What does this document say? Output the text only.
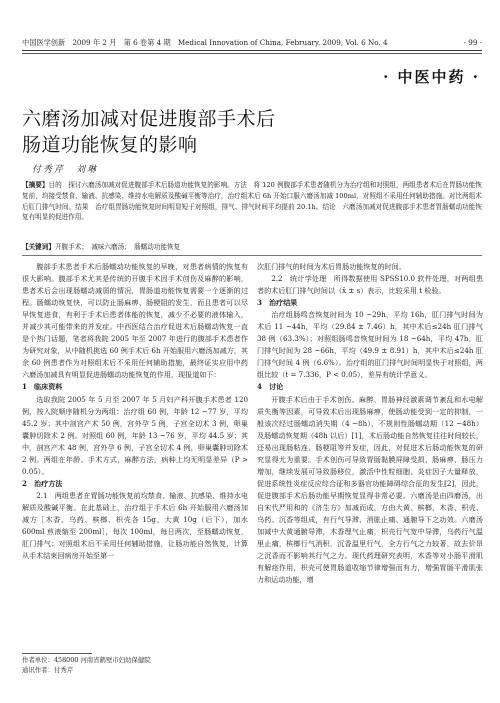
中国医学创新　2009 年 2 月　第 6 卷第 4 期　Medical Innovation of China, February. 2009, Vol. 6 No. 4	· 99 ·
· 中医中药 ·
六磨汤加减对促进腹部手术后
肠道功能恢复的影响
付秀芹　刘琳
【摘要】目的　探讨六磨汤加减对促进腹部手术后肠道功能恢复的影响。方法　将 120 例腹部手术患者随机分为治疗组和对照组，两组患者术后在胃肠功能恢复前，均接受禁食、输液、抗感染、维持水电解质及酸碱平衡等治疗，治疗组术后 6h 开始口服六磨汤加减 100ml，对照组不采用任何辅助措施。对比两组术后肛门排气时间。结果　治疗组胃肠功能恢复时间明显短于对照组，排气、排气时间平均提前 20.1h。结论　六磨汤加减对促进腹部手术患者胃肠蠕动功能恢复有明显的促进作用。
【关键词】开腹手术；　减味六磨汤；　肠蠕动功能恢复

腹部手术患者手术后肠蠕动功能恢复的早晚，对患者病情的恢复有很大影响。腹部手术尤其是传统的开腹手术因手术创伤及麻醉的影响，患者术后会出现肠蠕动减弱的情况，胃肠道功能恢复需要一个逐渐的过程。肠蠕动恢复快，可以防止肠麻痹、肠梗阻的发生，而且患者可以尽早恢复进食，有利于手术后患者体能的恢复，减少不必要的液体输入，并减少其可能带来的并发症。中西医结合治疗促进术后肠蠕动恢复一直是个热门话题，笔者将我院 2005 年至 2007 年进行的腹部手术患者作为研究对象，从中随机挑选 60 例手术后 6h 开始服用六磨汤加减方，其余 60 例患者作为对照组术后不采用任何辅助措施，最终证实应用中药六磨汤加减具有明显促进肠蠕动功能恢复的作用，现报道如下：

1　临床资料

选取我院 2005 年 5 月至 2007 年 5 月妇产科开腹手术患者 120 例，按入院顺序随机分为两组：治疗组 60 例，年龄 12 ~77 岁，平均 45.2 岁；其中剖宫产术 50 例，宫外孕 5 例，子宫全切术 3 例，卵巢囊肿切除术 2 例。对照组 60 例，年龄 13 ~76 岁，平均 44.5 岁；其中，剖宫产术 48 例，宫外孕 6 例，子宫全切术 4 例，卵巢囊肿切除术 2 例。两组在年龄、手术方式，麻醉方法，病种上均无明显差异（P > 0.05）。

2　治疗方法

2.1　两组患者在胃肠功能恢复前均禁食、输液、抗感染、维持水电解质及酸碱平衡。在此基础上，治疗组于手术后 6h 开始服用六磨汤加减方［木香、乌药、槟榔、枳壳各 15g，大黄 10g（后下），加水 600ml 煎液缩至 200ml］，每次 100ml，每日两次，至肠蠕动恢复，肛门排气；对照组术后不采用任何辅助措施，让肠功能自然恢复，计算从手术结束回病房开始至第一

作者单位：458000 河南省鹤壁市妇幼保健院
通讯作者：付秀芹

次肛门排气的时间为术后胃肠功能恢复的时间。

2.2　统计学处理　所得数据使用 SPSS10.0 软件处理，对两组患者的术后肛门排气时间以（x̄ ± s）表示，比较采用 t 检验。

3　治疗结果

治疗组肠鸣音恢复时间为 10 ~29h，平均 16h，肛门排气时间为术后 11 ~44h，平均（29.84 ± 7.46）h，其中术后≤24h 肛门排气 38 例（63.3%）；对照组肠鸣音恢复时间为 18 ~64h，平均 47h，肛门排气时间为 28 ~66h，平均（49.9 ± 8.91）h，其中术后≤24h 肛门排气时间 4 例（6.6%）。治疗组的肛门排气时间明显快于对照组，两组比较（t = 7.336，P < 0.05），差异有统计学意义。

4　讨论

开腹手术后由于手术创伤、麻醉、胃肠神经激素调节紊乱和水电解质失衡等因素，可导致术后出现肠麻痹，使肠动能受到一定的抑制，一般该次经过肠蠕动消失期（4 ~8h），不规则性肠蠕动期（12 ~48h）及肠蠕动恢复期（48h 以后）[1]，术后肠动能自然恢复往往时间较长，还易出现肠粘连、肠梗阻等并发症，因此，对促进术后肠动能恢复的研究显得尤为重要。手术创伤可导致胃肠黏膜屏障受损、肠麻痹、肠压力增加，继续发展可导致肠移位，激活中性粒细胞、炎症因子大量释放，促进系统性炎症反应综合征和多器官功能障碍综合征的发生[2]，因此，促进腹部手术后肠功能早期恢复显得非常必要。六磨汤是由四磨汤，出自宋代严用和的《济生方》加减而成，方由大黄、槟榔、木香、枳壳、乌药、沉香等组成，有行气导滞、消胀止痛、通腑导下之功效。六磨汤加减中大黄通腑导滞，木香理气止痛，枳壳行气宽中导滞，乌药行气温里止痛，槟榔行气消积，沉香温里行气，全方行气之力较著，故去价昂之沉香而不影响其行气之力。现代药理研究表明，木香等对小肠平滑肌有解痉作用，枳壳可使胃肠道收缩节律增强而有力，增强胃肠平滑肌张力和运动功能，增
